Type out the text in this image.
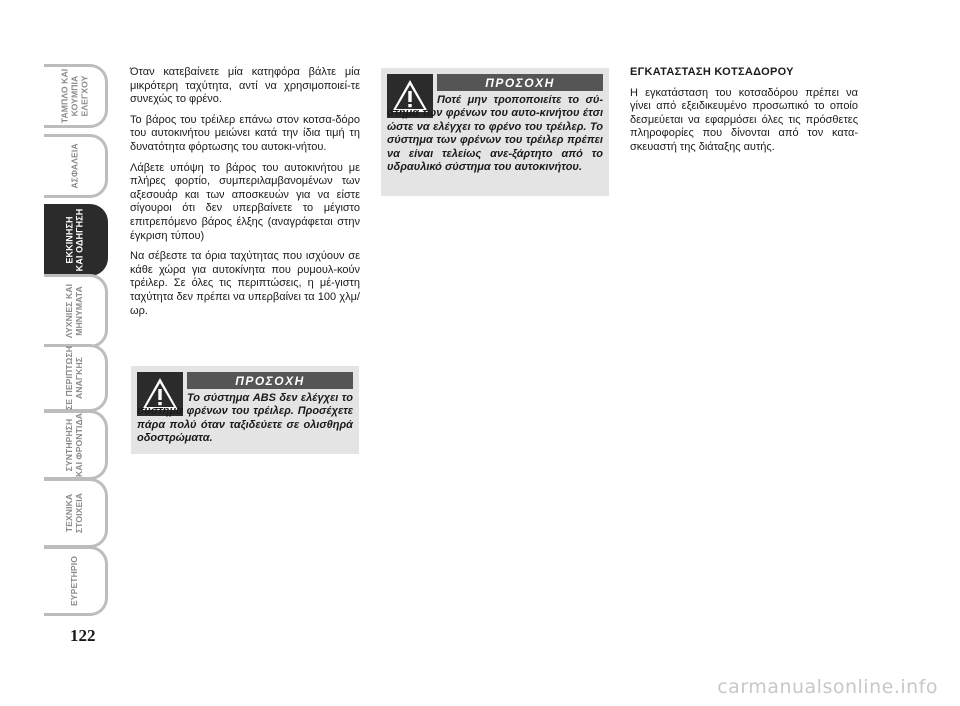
ΤΑΜΠΛΟ ΚΑΙ
ΚΟΥΜΠΙΑ
ΕΛΕΓΧΟΥ
ΑΣΦΑΛΕΙΑ
ΕΚΚΙΝΗΣΗ
ΚΑΙ ΟΔΗΓΗΣΗ
ΛΥΧΝΙΕΣ ΚΑΙ
ΜΗΝΥΜΑΤΑ
ΣΕ ΠΕΡΙΠΤΩΣΗ
ΑΝΑΓΚΗΣ
ΣΥΝΤΗΡΗΣΗ
ΚΑΙ ΦΡΟΝΤΙΔΑ
ΤΕΧΝΙΚΑ
ΣΤΟΙΧΕΙΑ
ΕΥΡΕΤΗΡΙΟ
122

Όταν κατεβαίνετε μία κατηφόρα βάλτε μία μικρότερη ταχύτητα, αντί να χρησιμοποιεί-τε συνεχώς το φρένο.

Το βάρος του τρέιλερ επάνω στον κοτσα-δόρο του αυτοκινήτου μειώνει κατά την ίδια τιμή τη δυνατότητα φόρτωσης του αυτοκι-νήτου.

Λάβετε υπόψη το βάρος του αυτοκινήτου με πλήρες φορτίο, συμπεριλαμβανομένων των αξεσουάρ και των αποσκευών για να είστε σίγουροι ότι δεν υπερβαίνετε το μέγιστο επιτρεπόμενο βάρος έλξης (αναγράφεται στην έγκριση τύπου)

Να σέβεστε τα όρια ταχύτητας που ισχύουν σε κάθε χώρα για αυτοκίνητα που ρυμουλ-κούν τρέιλερ. Σε όλες τις περιπτώσεις, η μέ-γιστη ταχύτητα δεν πρέπει να υπερβαίνει τα 100 χλμ/ωρ.

ΠΡΟΣΟΧΗ
Το σύστημα ABS δεν ελέγχει το σύστημα φρένων του τρέιλερ. Προσέχετε πάρα πολύ όταν ταξιδεύετε σε ολισθηρά οδοστρώματα.
ΠΡΟΣΟΧΗ
Ποτέ μην τροποποιείτε το σύ-στημα των φρένων του αυτο-κινήτου έτσι ώστε να ελέγχει το φρένο του τρέιλερ. Το σύστημα των φρένων του τρέιλερ πρέπει να είναι τελείως ανε-ξάρτητο από το υδραυλικό σύστημα του αυτοκινήτου.
ΕΓΚΑΤΑΣΤΑΣΗ ΚΟΤΣΑΔΟΡΟΥ

Η εγκατάσταση του κοτσαδόρου πρέπει να γίνει από εξειδικευμένο προσωπικό το οποίο δεσμεύεται να εφαρμόσει όλες τις πρόσθετες πληροφορίες που δίνονται από τον κατα-σκευαστή της διάταξης αυτής.

carmanualsonline.info
